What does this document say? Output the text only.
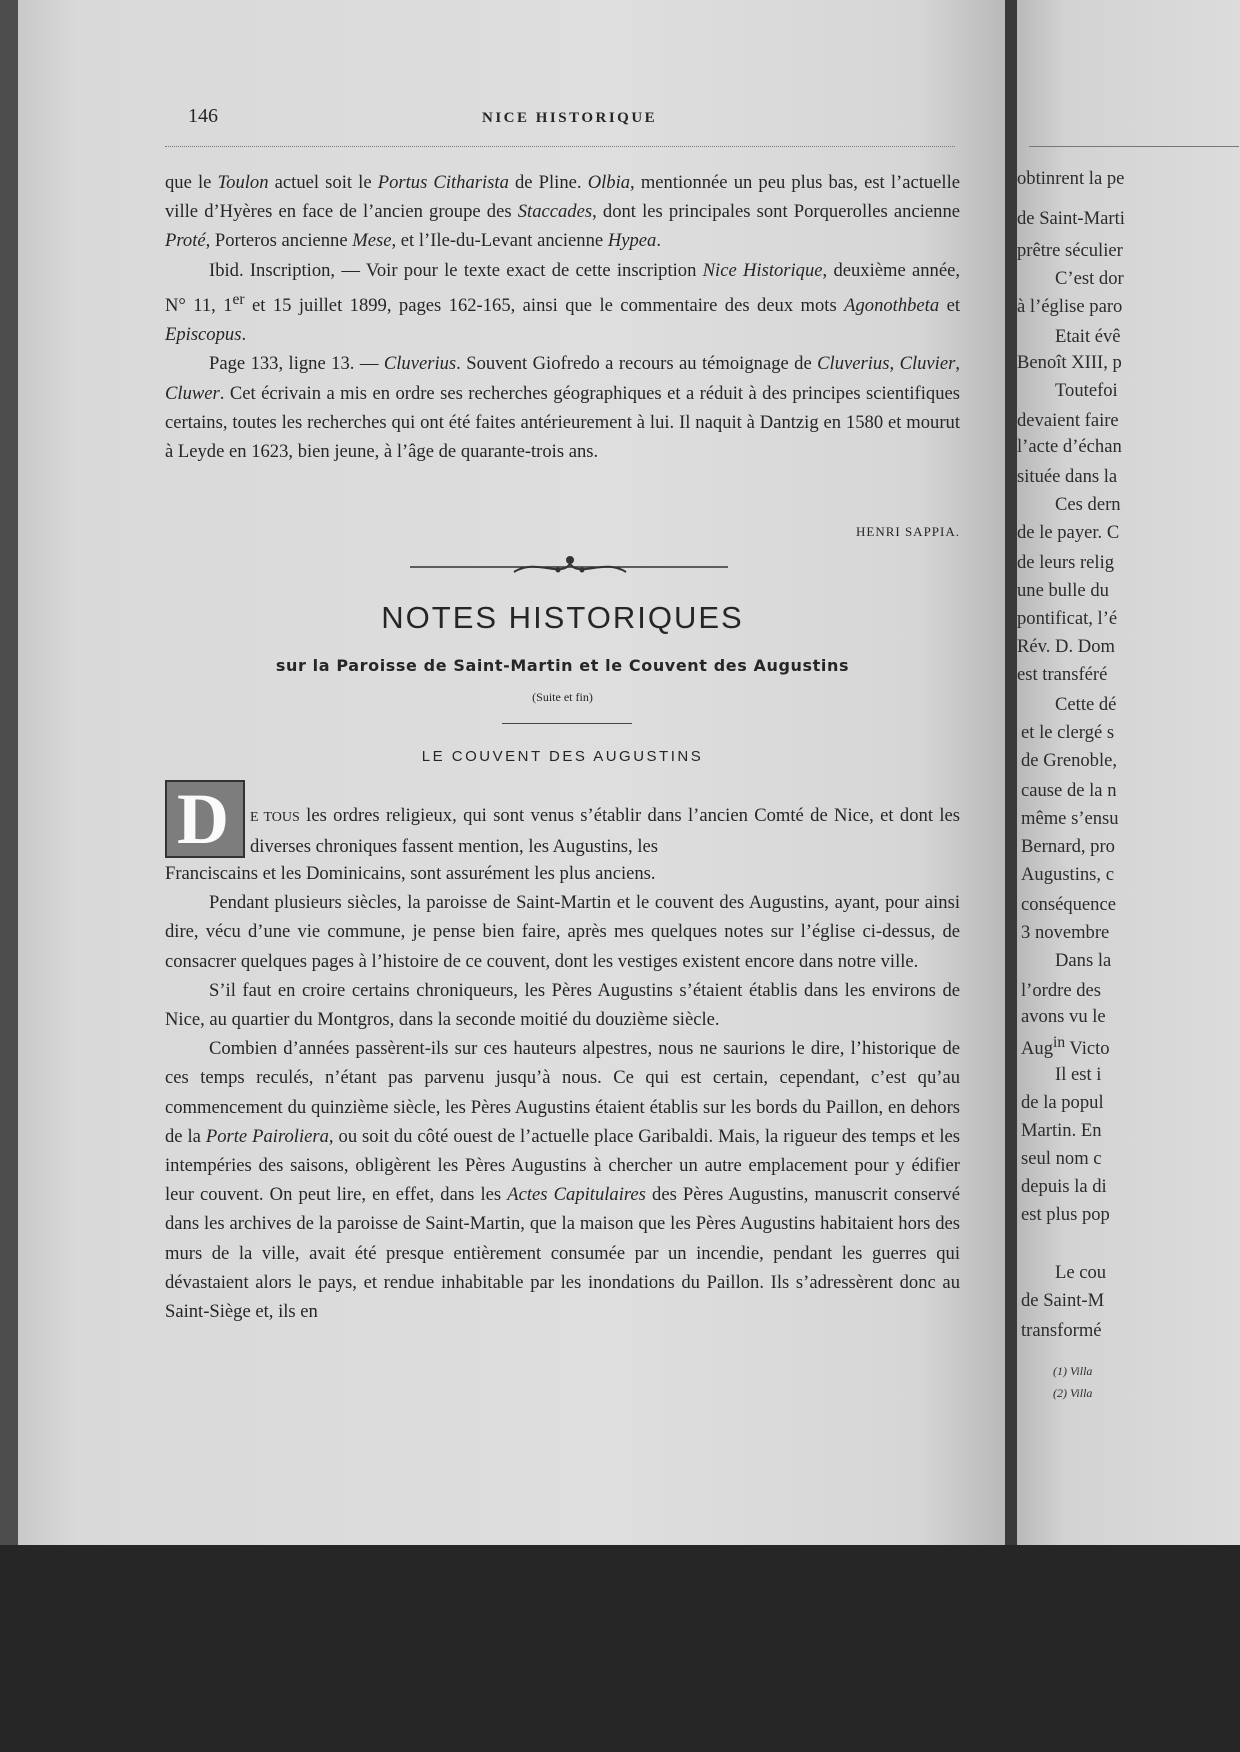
obtinrent la pe
de Saint-Marti
prêtre séculier
C’est dor
à l’église paro
Etait évê
Benoît XIII, p
Toutefoi
devaient faire
l’acte d’échan
située dans la
Ces dern
de le payer. C
de leurs relig
une bulle du
pontificat, l’é
Rév. D. Dom
est transféré
Cette dé
et le clergé s
de Grenoble,
cause de la n
même s’ensu
Bernard, pro
Augustins, c
conséquence
3 novembre
Dans la
l’ordre des
avons vu le
Aug$^{in}$ Victo
Il est i
de la popul
Martin. En
seul nom c
depuis la di
est plus pop
Le cou
de Saint-M
transformé
(1) Villa
(2) Villa
146	NICE HISTORIQUE

que le Toulon actuel soit le Portus Citharista de Pline. Olbia, mentionnée un peu plus bas, est l’actuelle ville d’Hyères en face de l’ancien groupe des Staccades, dont les principales sont Porquerolles ancienne Proté, Porteros ancienne Mese, et l’Ile-du-Levant ancienne Hypea.

Ibid. Inscription, — Voir pour le texte exact de cette inscription Nice Historique, deuxième année, N° 11, 1er et 15 juillet 1899, pages 162-165, ainsi que le commentaire des deux mots Agonothbeta et Episcopus.

Page 133, ligne 13. — Cluverius. Souvent Giofredo a recours au témoignage de Cluverius, Cluvier, Cluwer. Cet écrivain a mis en ordre ses recherches géographiques et a réduit à des principes scientifiques certains, toutes les recherches qui ont été faites antérieurement à lui. Il naquit à Dantzig en 1580 et mourut à Leyde en 1623, bien jeune, à l’âge de quarante-trois ans.

HENRI SAPPIA.
NOTES HISTORIQUES
sur la Paroisse de Saint-Martin et le Couvent des Augustins
(Suite et fin)
LE COUVENT DES AUGUSTINS
D E TOUS les ordres religieux, qui sont venus s’établir dans l’ancien Comté de Nice, et dont les diverses chroniques fassent mention, les Augustins, les

Franciscains et les Dominicains, sont assurément les plus anciens.

Pendant plusieurs siècles, la paroisse de Saint-Martin et le couvent des Augustins, ayant, pour ainsi dire, vécu d’une vie commune, je pense bien faire, après mes quelques notes sur l’église ci-dessus, de consacrer quelques pages à l’histoire de ce couvent, dont les vestiges existent encore dans notre ville.

S’il faut en croire certains chroniqueurs, les Pères Augustins s’étaient établis dans les environs de Nice, au quartier du Montgros, dans la seconde moitié du douzième siècle.

Combien d’années passèrent-ils sur ces hauteurs alpestres, nous ne saurions le dire, l’historique de ces temps reculés, n’étant pas parvenu jusqu’à nous. Ce qui est certain, cependant, c’est qu’au commencement du quinzième siècle, les Pères Augustins étaient établis sur les bords du Paillon, en dehors de la Porte Pairoliera, ou soit du côté ouest de l’actuelle place Garibaldi. Mais, la rigueur des temps et les intempéries des saisons, obligèrent les Pères Augustins à chercher un autre emplacement pour y édifier leur couvent. On peut lire, en effet, dans les Actes Capitulaires des Pères Augustins, manuscrit conservé dans les archives de la paroisse de Saint-Martin, que la maison que les Pères Augustins habitaient hors des murs de la ville, avait été presque entièrement consumée par un incendie, pendant les guerres qui dévastaient alors le pays, et rendue inhabitable par les inondations du Paillon. Ils s’adressèrent donc au Saint-Siège et, ils en
